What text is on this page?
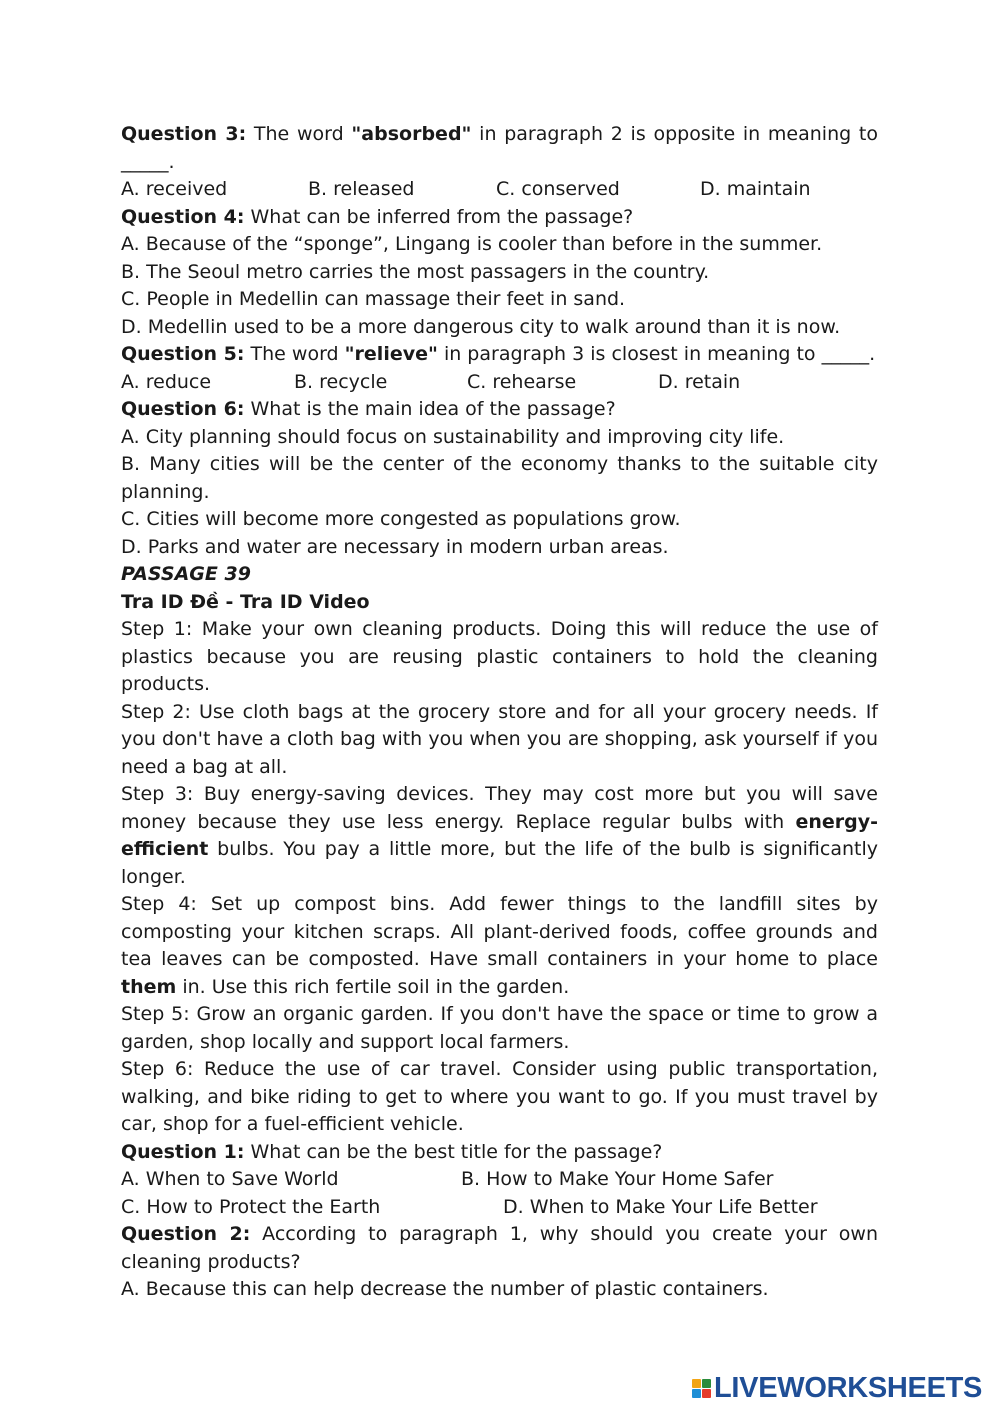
Question 3: The word "absorbed" in paragraph 2 is opposite in meaning to
_____.
A. received	B. released	C. conserved	D. maintain
Question 4: What can be inferred from the passage?
A. Because of the “sponge”, Lingang is cooler than before in the summer.
B. The Seoul metro carries the most passagers in the country.
C. People in Medellin can massage their feet in sand.
D. Medellin used to be a more dangerous city to walk around than it is now.
Question 5: The word "relieve" in paragraph 3 is closest in meaning to _____.
A. reduce	B. recycle	C. rehearse	D. retain
Question 6: What is the main idea of the passage?
A. City planning should focus on sustainability and improving city life.
B. Many cities will be the center of the economy thanks to the suitable city planning.
C. Cities will become more congested as populations grow.
D. Parks and water are necessary in modern urban areas.
PASSAGE 39
Tra ID Đề - Tra ID Video
Step 1: Make your own cleaning products. Doing this will reduce the use of plastics because you are reusing plastic containers to hold the cleaning products.
Step 2: Use cloth bags at the grocery store and for all your grocery needs. If you don't have a cloth bag with you when you are shopping, ask yourself if you need a bag at all.
Step 3: Buy energy-saving devices. They may cost more but you will save money because they use less energy. Replace regular bulbs with energy-efficient bulbs. You pay a little more, but the life of the bulb is significantly longer.
Step 4: Set up compost bins. Add fewer things to the landfill sites by composting your kitchen scraps. All plant-derived foods, coffee grounds and tea leaves can be composted. Have small containers in your home to place them in. Use this rich fertile soil in the garden.
Step 5: Grow an organic garden. If you don't have the space or time to grow a garden, shop locally and support local farmers.
Step 6: Reduce the use of car travel. Consider using public transportation, walking, and bike riding to get to where you want to go. If you must travel by car, shop for a fuel-efficient vehicle.
Question 1: What can be the best title for the passage?
A. When to Save World	B. How to Make Your Home Safer
C. How to Protect the Earth	D. When to Make Your Life Better
Question 2: According to paragraph 1, why should you create your own cleaning products?
A. Because this can help decrease the number of plastic containers.
LIVEWORKSHEETS
